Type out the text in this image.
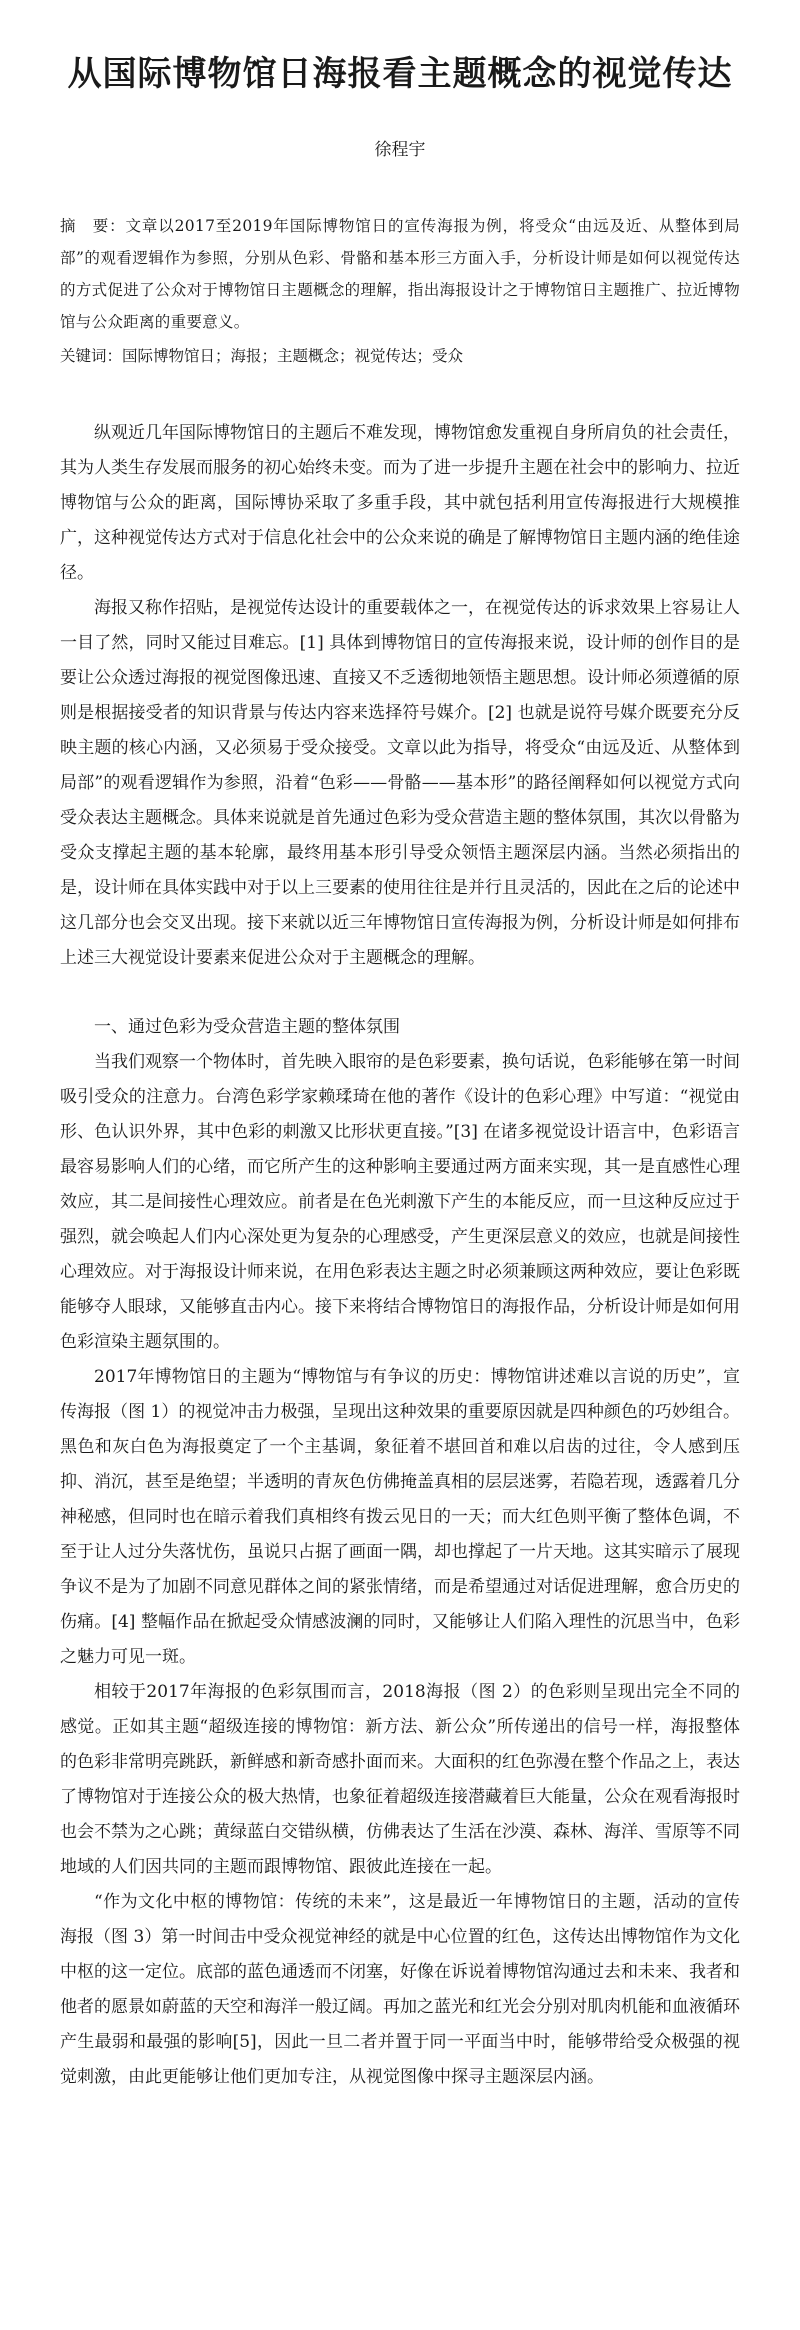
从国际博物馆日海报看主题概念的视觉传达

徐程宇

摘　要：文章以2017至2019年国际博物馆日的宣传海报为例，将受众“由远及近、从整体到局部”的观看逻辑作为参照，分别从色彩、骨骼和基本形三方面入手，分析设计师是如何以视觉传达的方式促进了公众对于博物馆日主题概念的理解，指出海报设计之于博物馆日主题推广、拉近博物馆与公众距离的重要意义。

关键词：国际博物馆日；海报；主题概念；视觉传达；受众

纵观近几年国际博物馆日的主题后不难发现，博物馆愈发重视自身所肩负的社会责任，其为人类生存发展而服务的初心始终未变。而为了进一步提升主题在社会中的影响力、拉近博物馆与公众的距离，国际博协采取了多重手段，其中就包括利用宣传海报进行大规模推广，这种视觉传达方式对于信息化社会中的公众来说的确是了解博物馆日主题内涵的绝佳途径。

海报又称作招贴，是视觉传达设计的重要载体之一，在视觉传达的诉求效果上容易让人一目了然，同时又能过目难忘。[1] 具体到博物馆日的宣传海报来说，设计师的创作目的是要让公众透过海报的视觉图像迅速、直接又不乏透彻地领悟主题思想。设计师必须遵循的原则是根据接受者的知识背景与传达内容来选择符号媒介。[2] 也就是说符号媒介既要充分反映主题的核心内涵，又必须易于受众接受。文章以此为指导，将受众“由远及近、从整体到局部”的观看逻辑作为参照，沿着“色彩——骨骼——基本形”的路径阐释如何以视觉方式向受众表达主题概念。具体来说就是首先通过色彩为受众营造主题的整体氛围，其次以骨骼为受众支撑起主题的基本轮廓，最终用基本形引导受众领悟主题深层内涵。当然必须指出的是，设计师在具体实践中对于以上三要素的使用往往是并行且灵活的，因此在之后的论述中这几部分也会交叉出现。接下来就以近三年博物馆日宣传海报为例，分析设计师是如何排布上述三大视觉设计要素来促进公众对于主题概念的理解。

一、通过色彩为受众营造主题的整体氛围

当我们观察一个物体时，首先映入眼帘的是色彩要素，换句话说，色彩能够在第一时间吸引受众的注意力。台湾色彩学家赖瑈琦在他的著作《设计的色彩心理》中写道：“视觉由形、色认识外界，其中色彩的刺激又比形状更直接。”[3] 在诸多视觉设计语言中，色彩语言最容易影响人们的心绪，而它所产生的这种影响主要通过两方面来实现，其一是直感性心理效应，其二是间接性心理效应。前者是在色光刺激下产生的本能反应，而一旦这种反应过于强烈，就会唤起人们内心深处更为复杂的心理感受，产生更深层意义的效应，也就是间接性心理效应。对于海报设计师来说，在用色彩表达主题之时必须兼顾这两种效应，要让色彩既能够夺人眼球，又能够直击内心。接下来将结合博物馆日的海报作品，分析设计师是如何用色彩渲染主题氛围的。

2017年博物馆日的主题为“博物馆与有争议的历史：博物馆讲述难以言说的历史”，宣传海报（图 1）的视觉冲击力极强，呈现出这种效果的重要原因就是四种颜色的巧妙组合。黑色和灰白色为海报奠定了一个主基调，象征着不堪回首和难以启齿的过往，令人感到压抑、消沉，甚至是绝望；半透明的青灰色仿佛掩盖真相的层层迷雾，若隐若现，透露着几分神秘感，但同时也在暗示着我们真相终有拨云见日的一天；而大红色则平衡了整体色调，不至于让人过分失落忧伤，虽说只占据了画面一隅，却也撑起了一片天地。这其实暗示了展现争议不是为了加剧不同意见群体之间的紧张情绪，而是希望通过对话促进理解，愈合历史的伤痛。[4] 整幅作品在掀起受众情感波澜的同时，又能够让人们陷入理性的沉思当中，色彩之魅力可见一斑。

相较于2017年海报的色彩氛围而言，2018海报（图 2）的色彩则呈现出完全不同的感觉。正如其主题“超级连接的博物馆：新方法、新公众”所传递出的信号一样，海报整体的色彩非常明亮跳跃，新鲜感和新奇感扑面而来。大面积的红色弥漫在整个作品之上，表达了博物馆对于连接公众的极大热情，也象征着超级连接潜藏着巨大能量，公众在观看海报时也会不禁为之心跳；黄绿蓝白交错纵横，仿佛表达了生活在沙漠、森林、海洋、雪原等不同地域的人们因共同的主题而跟博物馆、跟彼此连接在一起。

“作为文化中枢的博物馆：传统的未来”，这是最近一年博物馆日的主题，活动的宣传海报（图 3）第一时间击中受众视觉神经的就是中心位置的红色，这传达出博物馆作为文化中枢的这一定位。底部的蓝色通透而不闭塞，好像在诉说着博物馆沟通过去和未来、我者和他者的愿景如蔚蓝的天空和海洋一般辽阔。再加之蓝光和红光会分别对肌肉机能和血液循环产生最弱和最强的影响[5]，因此一旦二者并置于同一平面当中时，能够带给受众极强的视觉刺激，由此更能够让他们更加专注，从视觉图像中探寻主题深层内涵。
